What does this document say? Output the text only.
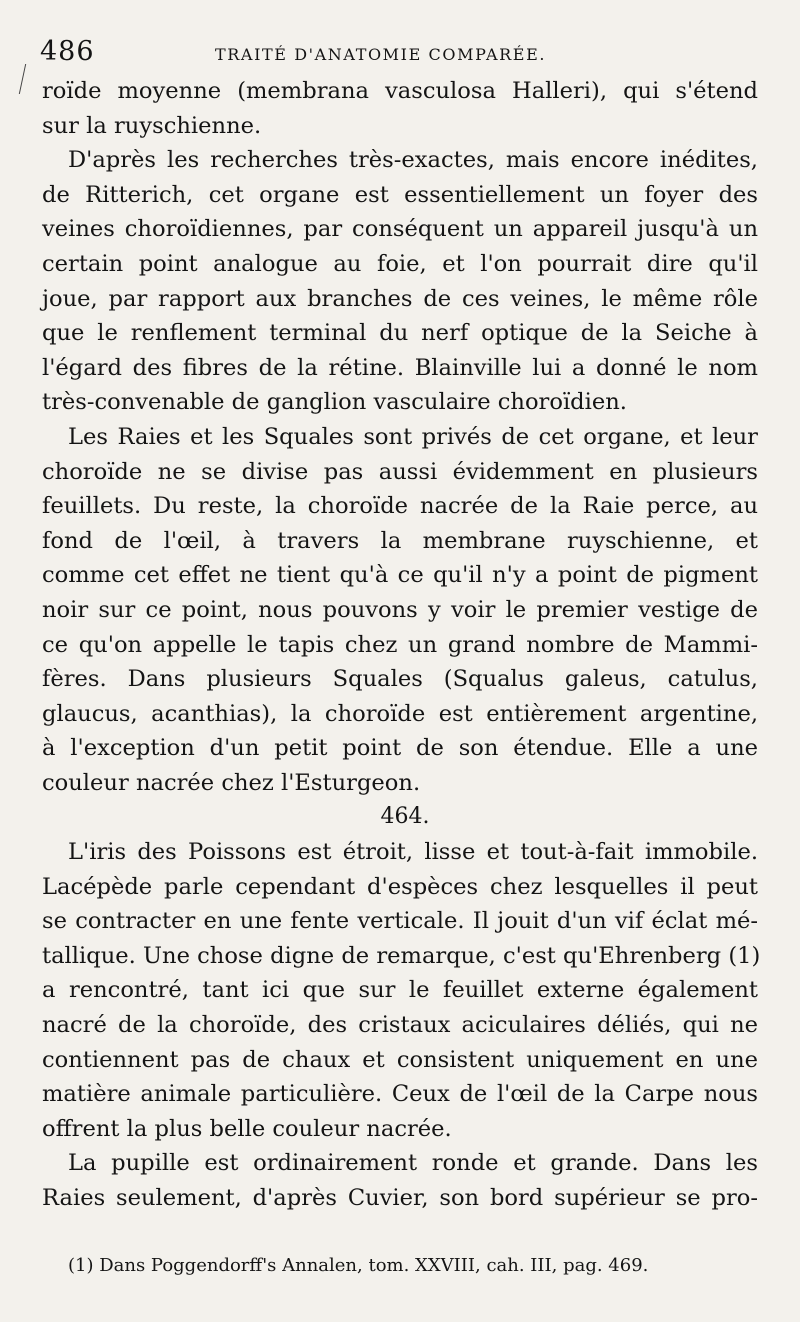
486	TRAITÉ D'ANATOMIE COMPARÉE.
roïde moyenne (membrana vasculosa Halleri), qui s'étend
sur la ruyschienne.
D'après les recherches très-exactes, mais encore inédites,
de Ritterich, cet organe est essentiellement un foyer des
veines choroïdiennes, par conséquent un appareil jusqu'à un
certain point analogue au foie, et l'on pourrait dire qu'il
joue, par rapport aux branches de ces veines, le même rôle
que le renflement terminal du nerf optique de la Seiche à
l'égard des fibres de la rétine. Blainville lui a donné le nom
très-convenable de ganglion vasculaire choroïdien.
Les Raies et les Squales sont privés de cet organe, et leur
choroïde ne se divise pas aussi évidemment en plusieurs
feuillets. Du reste, la choroïde nacrée de la Raie perce, au
fond de l'œil, à travers la membrane ruyschienne, et
comme cet effet ne tient qu'à ce qu'il n'y a point de pigment
noir sur ce point, nous pouvons y voir le premier vestige de
ce qu'on appelle le tapis chez un grand nombre de Mammi-
fères. Dans plusieurs Squales (Squalus galeus, catulus,
glaucus, acanthias), la choroïde est entièrement argentine,
à l'exception d'un petit point de son étendue. Elle a une
couleur nacrée chez l'Esturgeon.
464.
L'iris des Poissons est étroit, lisse et tout-à-fait immobile.
Lacépède parle cependant d'espèces chez lesquelles il peut
se contracter en une fente verticale. Il jouit d'un vif éclat mé-
tallique. Une chose digne de remarque, c'est qu'Ehrenberg (1)
a rencontré, tant ici que sur le feuillet externe également
nacré de la choroïde, des cristaux aciculaires déliés, qui ne
contiennent pas de chaux et consistent uniquement en une
matière animale particulière. Ceux de l'œil de la Carpe nous
offrent la plus belle couleur nacrée.
La pupille est ordinairement ronde et grande. Dans les
Raies seulement, d'après Cuvier, son bord supérieur se pro-
(1) Dans Poggendorff's Annalen, tom. XXVIII, cah. III, pag. 469.
